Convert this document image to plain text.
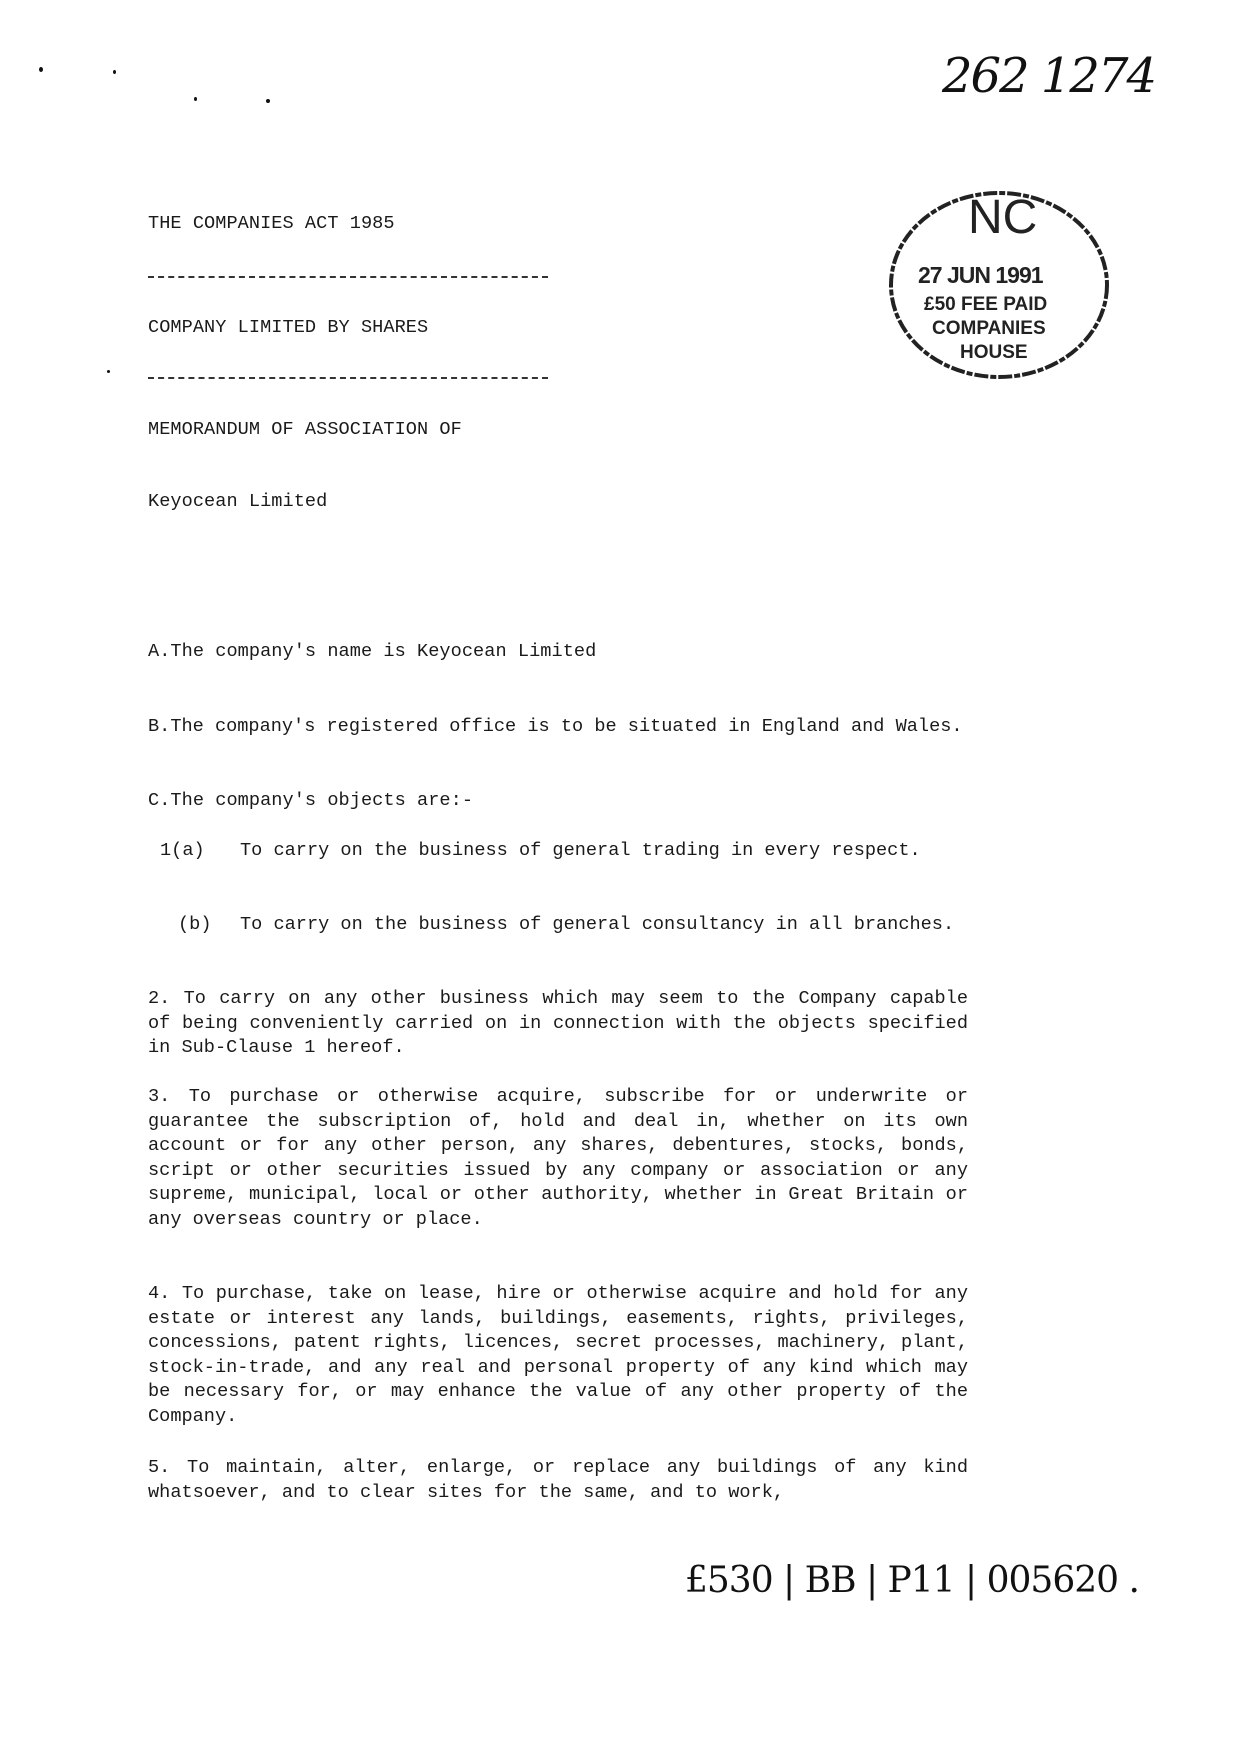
262 1274
NC
27 JUN 1991
£50 FEE PAID
COMPANIES
HOUSE
THE COMPANIES ACT 1985
COMPANY LIMITED BY SHARES
MEMORANDUM OF ASSOCIATION OF
Keyocean Limited
A.The company's name is Keyocean Limited
B.The company's registered office is to be situated in England and Wales.
C.The company's objects are:-
1(a) To carry on the business of general trading in every respect.
(b) To carry on the business of general consultancy in all branches.
2. To carry on any other business which may seem to the Company capable of being conveniently carried on in connection with the objects specified in Sub-Clause 1 hereof.
3. To purchase or otherwise acquire, subscribe for or underwrite or guarantee the subscription of, hold and deal in, whether on its own account or for any other person, any shares, debentures, stocks, bonds, script or other securities issued by any company or association or any supreme, municipal, local or other authority, whether in Great Britain or any overseas country or place.
4. To purchase, take on lease, hire or otherwise acquire and hold for any estate or interest any lands, buildings, easements, rights, privileges, concessions, patent rights, licences, secret processes, machinery, plant, stock-in-trade, and any real and personal property of any kind which may be necessary for, or may enhance the value of any other property of the Company.
5. To maintain, alter, enlarge, or replace any buildings of any kind whatsoever, and to clear sites for the same, and to work,
£530 | BB | P11 | 005620 .
